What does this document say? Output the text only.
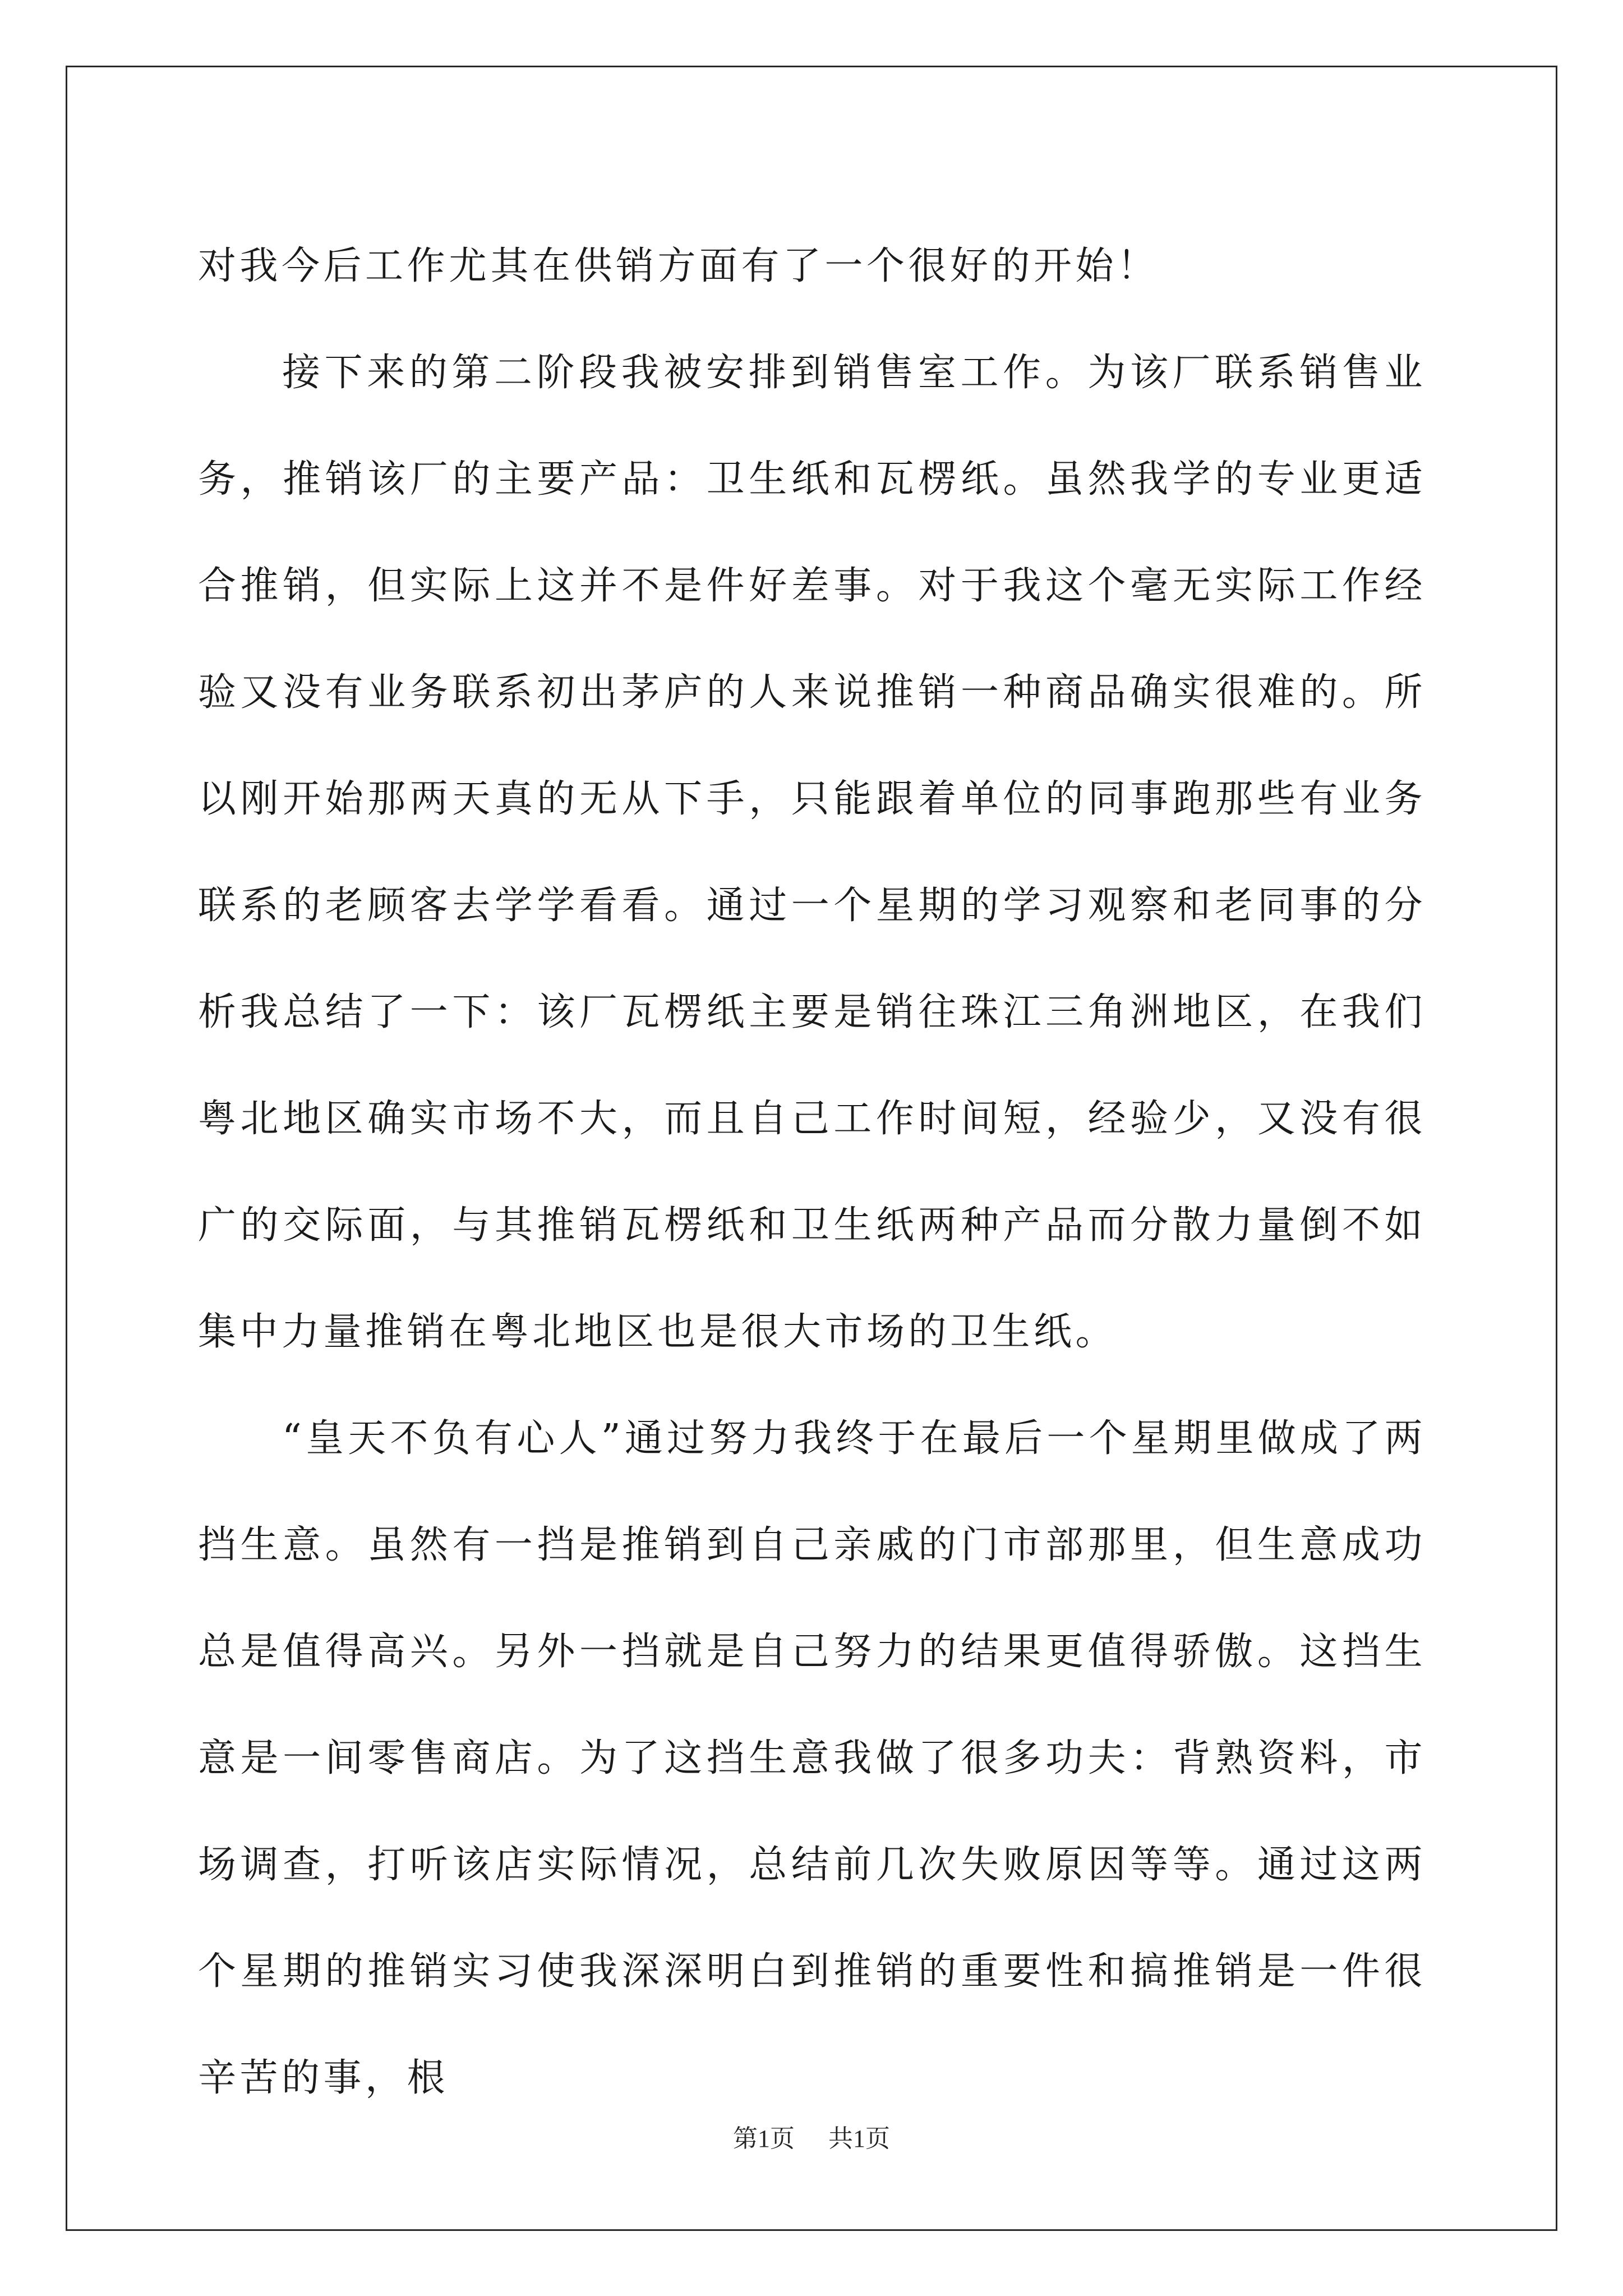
对我今后工作尤其在供销方面有了一个很好的开始！

接下来的第二阶段我被安排到销售室工作。为该厂联系销售业务，推销该厂的主要产品：卫生纸和瓦楞纸。虽然我学的专业更适合推销，但实际上这并不是件好差事。对于我这个毫无实际工作经验又没有业务联系初出茅庐的人来说推销一种商品确实很难的。所以刚开始那两天真的无从下手，只能跟着单位的同事跑那些有业务联系的老顾客去学学看看。通过一个星期的学习观察和老同事的分析我总结了一下：该厂瓦楞纸主要是销往珠江三角洲地区，在我们粤北地区确实市场不大，而且自己工作时间短，经验少，又没有很广的交际面，与其推销瓦楞纸和卫生纸两种产品而分散力量倒不如集中力量推销在粤北地区也是很大市场的卫生纸。

“皇天不负有心人”通过努力我终于在最后一个星期里做成了两挡生意。虽然有一挡是推销到自己亲戚的门市部那里，但生意成功总是值得高兴。另外一挡就是自己努力的结果更值得骄傲。这挡生意是一间零售商店。为了这挡生意我做了很多功夫：背熟资料，市场调查，打听该店实际情况，总结前几次失败原因等等。通过这两个星期的推销实习使我深深明白到推销的重要性和搞推销是一件很辛苦的事，根

第1页 共1页
